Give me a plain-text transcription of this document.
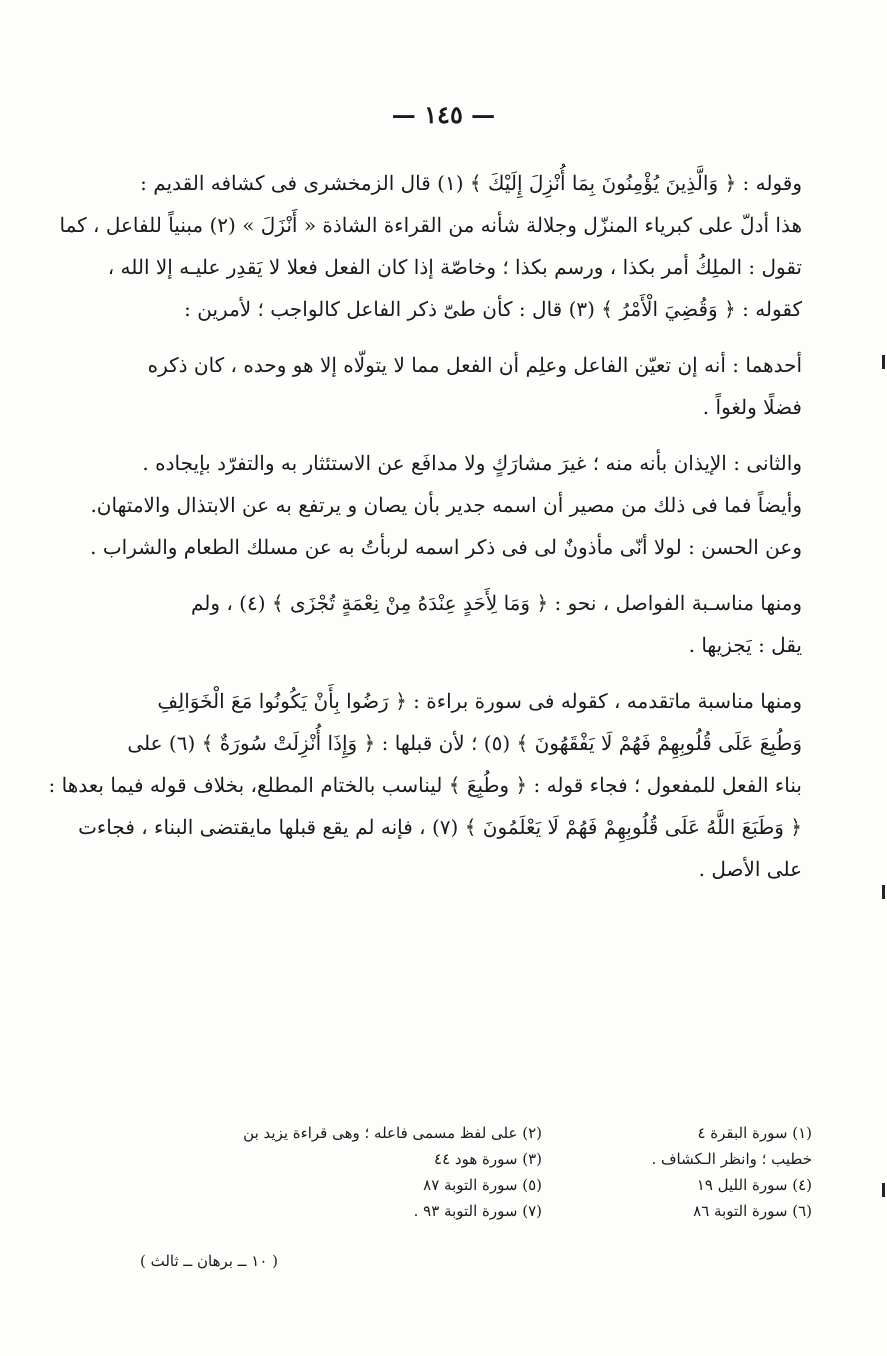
— ١٤٥ —
وقوله : ﴿ وَالَّذِينَ يُؤْمِنُونَ بِمَا أُنْزِلَ إِلَيْكَ ﴾ (١) قال الزمخشرى فى كشافه القديم :
هذا أدلّ على كبرياء المنزّل وجلالة شأنه من القراءة الشاذة « أَنْزَلَ » (٢) مبنياً للفاعل ، كما
تقول : الملِكُ أمر بكذا ، ورسم بكذا ؛ وخاصّة إذا كان الفعل فعلا لا يَقدِر عليـه إلا الله ،
كقوله : ﴿ وَقُضِيَ الْأَمْرُ ﴾ (٣) قال : كأن طىّ ذكر الفاعل كالواجب ؛ لأمرين :
أحدهما : أنه إن تعيّن الفاعل وعلِم أن الفعل مما لا يتولّاه إلا هو وحده ، كان ذكره
فضلًا ولغواً .
والثانى : الإيذان بأنه منه ؛ غيرَ مشارَكٍ ولا مدافَع عن الاستئثار به والتفرّد بإيجاده .
وأيضاً فما فى ذلك من مصير أن اسمه جدير بأن يصان و يرتفع به عن الابتذال والامتهان.
وعن الحسن : لولا أنّى مأذونٌ لى فى ذكر اسمه لربأتُ به عن مسلك الطعام والشراب .
ومنها مناسـبة الفواصل ، نحو : ﴿ وَمَا لِأَحَدٍ عِنْدَهُ مِنْ نِعْمَةٍ تُجْزَى ﴾ (٤) ، ولم
يقل : يَجزيها .
ومنها مناسبة ماتقدمه ، كقوله فى سورة براءة : ﴿ رَضُوا بِأَنْ يَكُونُوا مَعَ الْخَوَالِفِ
وَطُبِعَ عَلَى قُلُوبِهِمْ فَهُمْ لَا يَفْقَهُونَ ﴾ (٥) ؛ لأن قبلها : ﴿ وَإِذَا أُنْزِلَتْ سُورَةٌ ﴾ (٦) على
بناء الفعل للمفعول ؛ فجاء قوله : ﴿ وطُبِعَ ﴾ ليناسب بالختام المطلع، بخلاف قوله فيما بعدها :
﴿ وَطَبَعَ اللَّهُ عَلَى قُلُوبِهِمْ فَهُمْ لَا يَعْلَمُونَ ﴾ (٧) ، فإنه لم يقع قبلها مايقتضى البناء ، فجاءت
على الأصل .
(١) سورة البقرة ٤
خطيب ؛ وانظر الـكشاف .
(٤) سورة الليل ١٩
(٦) سورة التوبة ٨٦
(٢) على لفظ مسمى فاعله ؛ وهى قراءة يزيد بن
(٣) سورة هود ٤٤
(٥) سورة التوبة ٨٧
(٧) سورة التوبة ٩٣ .
( ١٠ ــ برهان ــ ثالث )
